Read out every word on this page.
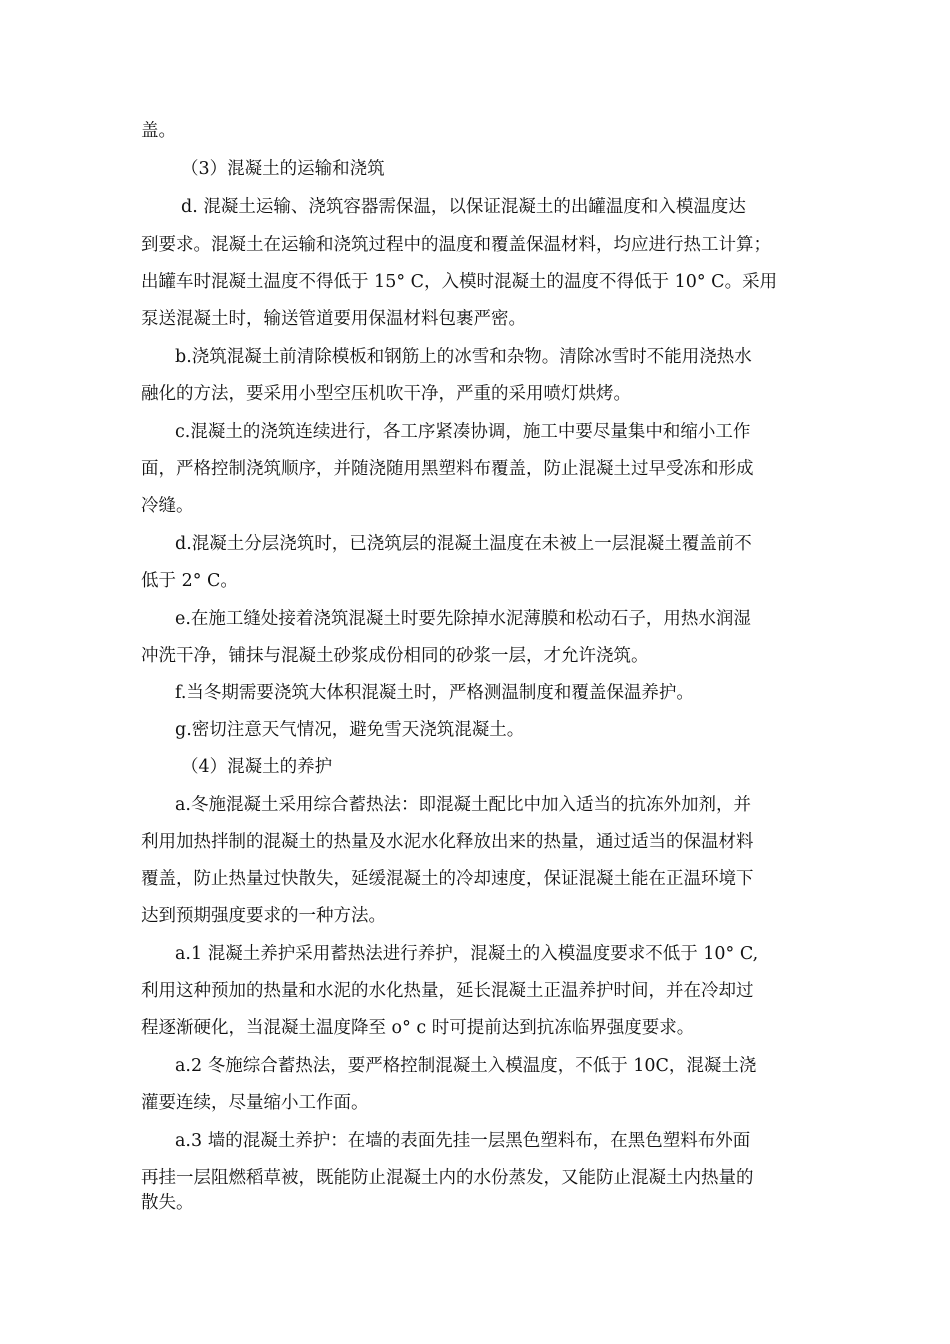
盖。
（3）混凝土的运输和浇筑
d. 混凝土运输、浇筑容器需保温，以保证混凝土的出罐温度和入模温度达
到要求。混凝土在运输和浇筑过程中的温度和覆盖保温材料，均应进行热工计算；
出罐车时混凝土温度不得低于 15° C，入模时混凝土的温度不得低于 10° C。采用
泵送混凝土时，输送管道要用保温材料包裹严密。
b.浇筑混凝土前清除模板和钢筋上的冰雪和杂物。清除冰雪时不能用浇热水
融化的方法，要采用小型空压机吹干净，严重的采用喷灯烘烤。
c.混凝土的浇筑连续进行，各工序紧凑协调，施工中要尽量集中和缩小工作
面，严格控制浇筑顺序，并随浇随用黑塑料布覆盖，防止混凝土过早受冻和形成
冷缝。
d.混凝土分层浇筑时，已浇筑层的混凝土温度在未被上一层混凝土覆盖前不
低于 2° C。
e.在施工缝处接着浇筑混凝土时要先除掉水泥薄膜和松动石子，用热水润湿
冲洗干净，铺抹与混凝土砂浆成份相同的砂浆一层，才允许浇筑。
f.当冬期需要浇筑大体积混凝土时，严格测温制度和覆盖保温养护。
g.密切注意天气情况，避免雪天浇筑混凝土。
（4）混凝土的养护
a.冬施混凝土采用综合蓄热法：即混凝土配比中加入适当的抗冻外加剂，并
利用加热拌制的混凝土的热量及水泥水化释放出来的热量，通过适当的保温材料
覆盖，防止热量过快散失，延缓混凝土的冷却速度，保证混凝土能在正温环境下
达到预期强度要求的一种方法。
a.1 混凝土养护采用蓄热法进行养护，混凝土的入模温度要求不低于 10° C,
利用这种预加的热量和水泥的水化热量，延长混凝土正温养护时间，并在冷却过
程逐渐硬化，当混凝土温度降至 o° c 时可提前达到抗冻临界强度要求。
a.2 冬施综合蓄热法，要严格控制混凝土入模温度，不低于 10C，混凝土浇
灌要连续，尽量缩小工作面。
a.3 墙的混凝土养护：在墙的表面先挂一层黑色塑料布，在黑色塑料布外面
再挂一层阻燃稻草被，既能防止混凝土内的水份蒸发，又能防止混凝土内热量的
散失。
